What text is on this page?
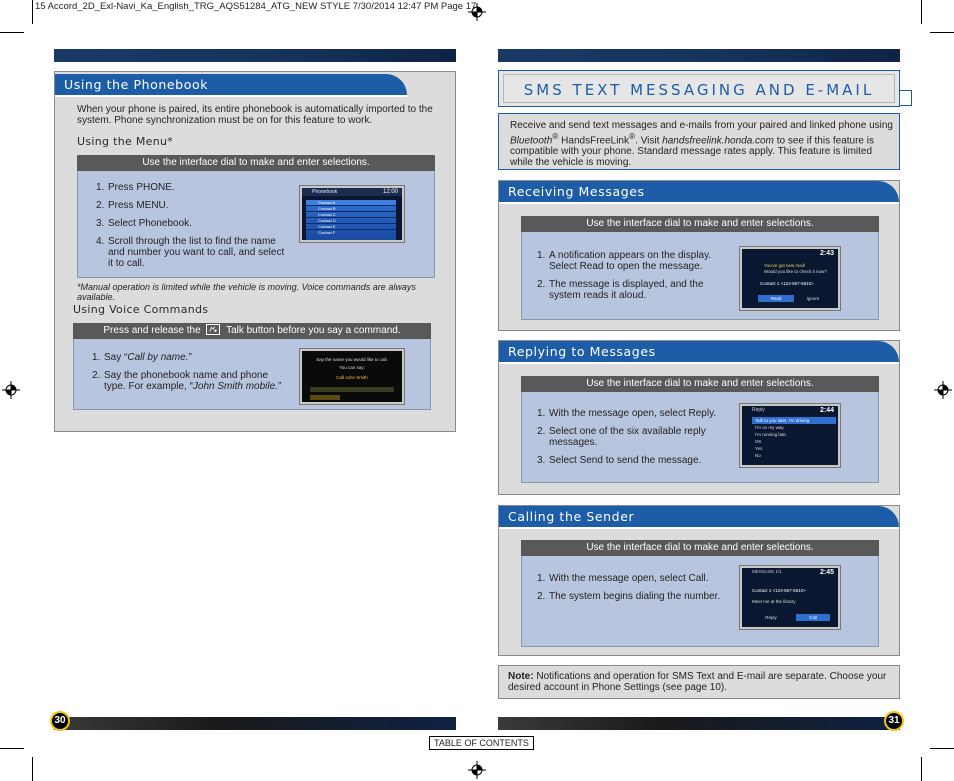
15 Accord_2D_Exl-Navi_Ka_English_TRG_AQS51284_ATG_NEW STYLE 7/30/2014 12:47 PM Page 17
Using the Phonebook
When your phone is paired, its entire phonebook is automatically imported to the system. Phone synchronization must be on for this feature to work.
Using the Menu*
Use the interface dial to make and enter selections.
1. Press PHONE.
2. Press MENU.
3. Select Phonebook.
4. Scroll through the list to find the name and number you want to call, and select it to call.
Phonebook	12:00
Contact A
Contact B
Contact C
Contact D
Contact E
Contact F
*Manual operation is limited while the vehicle is moving. Voice commands are always available.
Using Voice Commands
Press and release the	Talk button before you say a command.
1. Say “Call by name.”
2. Say the phonebook name and phone type. For example, “John Smith mobile.”
Say the name you would like to call.
You can say:
Call John Smith
30
SMS TEXT MESSAGING AND E-MAIL
Receive and send text messages and e-mails from your paired and linked phone using Bluetooth® HandsFreeLink®. Visit handsfreelink.honda.com to see if this feature is compatible with your phone. Standard message rates apply. This feature is limited while the vehicle is moving.
Receiving Messages
Use the interface dial to make and enter selections.
1. A notification appears on the display. Select Read to open the message.
2. The message is displayed, and the system reads it aloud.
2:43
You've got new mail!
Would you like to check it now?
Contact 1 <123-567-5910>
Read	Ignore
Replying to Messages
Use the interface dial to make and enter selections.
1. With the message open, select Reply.
2. Select one of the six available reply messages.
3. Select Send to send the message.
Reply	2:44
Talk to you later, I'm driving.
I'm on my way.
I'm running late.
OK
Yes
No
Calling the Sender
Use the interface dial to make and enter selections.
1. With the message open, select Call.
2. The system begins dialing the number.
MESSAGE 1/1	2:45
Contact 1 <123-567-5910>
Meet me at the library
Reply	Call
Note: Notifications and operation for SMS Text and E-mail are separate. Choose your desired account in Phone Settings (see page 10).
31
TABLE OF CONTENTS
